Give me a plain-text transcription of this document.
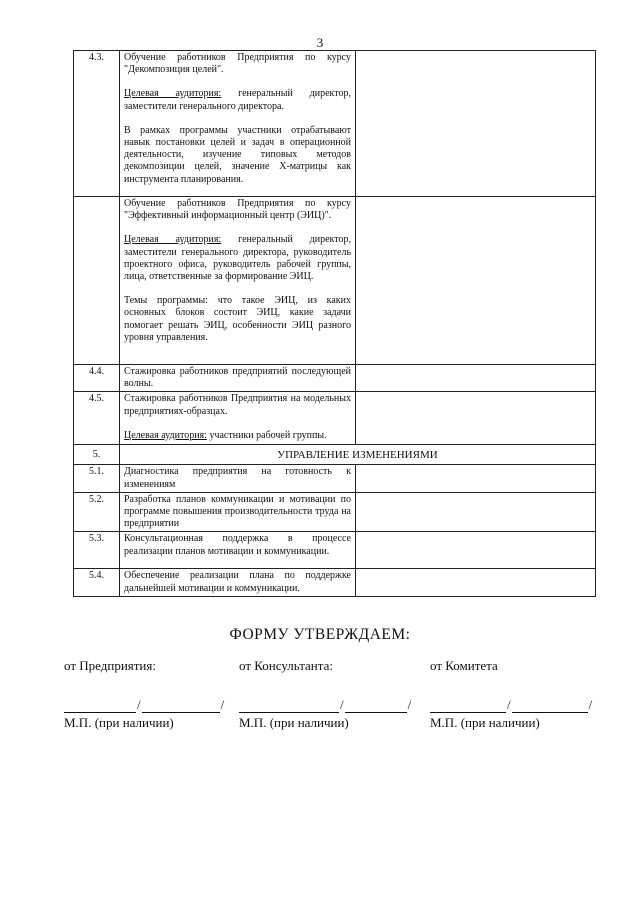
3
4.3.	Обучение работников Предприятия по курсу "Декомпозиция целей".

Целевая аудитория: генеральный директор, заместители генерального директора.

В рамках программы участники отрабатывают навык постановки целей и задач в операционной деятельности, изучение типовых методов декомпозиции целей, значение X-матрицы как инструмента планирования.	

	Обучение работников Предприятия по курсу "Эффективный информационный центр (ЭИЦ)".

Целевая аудитория: генеральный директор, заместители генерального директора, руководитель проектного офиса, руководитель рабочей группы, лица, ответственные за формирование ЭИЦ.

Темы программы: что такое ЭИЦ, из каких основных блоков состоит ЭИЦ, какие задачи помогает решать ЭИЦ, особенности ЭИЦ разного уровня управления.	

4.4.	Стажировка работников предприятий последующей волны.	

4.5.	Стажировка работников Предприятия на модельных предприятиях-образцах.

Целевая аудитория: участники рабочей группы.	

5.	УПРАВЛЕНИЕ ИЗМЕНЕНИЯМИ	
5.1.	Диагностика предприятия на готовность к изменениям	

5.2.	Разработка планов коммуникации и мотивации по программе повышения производительности труда на предприятии	

5.3.	Консультационная поддержка в процессе реализации планов мотивации и коммуникации.	

5.4.	Обеспечение реализации плана по поддержке дальнейшей мотивации и коммуникации.	

ФОРМУ УТВЕРЖДАЕМ:
от Предприятия:	от Консультанта:	от Комитета
/	/	/	/	/	/
М.П. (при наличии)	М.П. (при наличии)	М.П. (при наличии)
